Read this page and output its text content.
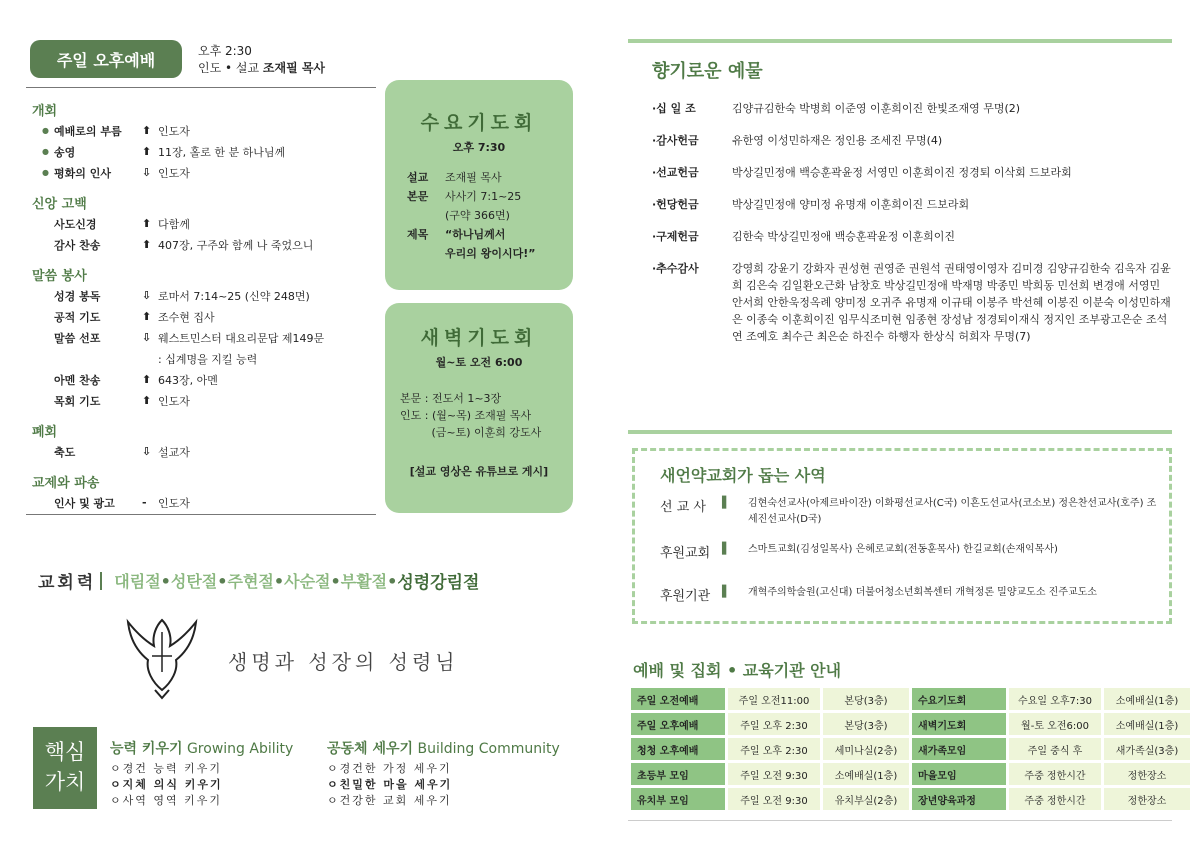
주일 오후예배	오후 2:30
인도 • 설교 조재필 목사
개회
● 예배로의 부름	⬆ 인도자
● 송영	⬆ 11장, 홀로 한 분 하나님께
● 평화의 인사	⇩ 인도자
신앙 고백
사도신경	⬆ 다함께
감사 찬송	⬆ 407장, 구주와 함께 나 죽었으니
말씀 봉사
성경 봉독	⇩ 로마서 7:14~25 (신약 248면)
공적 기도	⬆ 조수현 집사
말씀 선포	⇩ 웨스트민스터 대요리문답 제149문
: 십계명을 지킬 능력
아멘 찬송	⬆ 643장, 아멘
목회 기도	⬆ 인도자
폐회
축도	⇩ 설교자
교제와 파송
인사 및 광고	-	인도자
수요기도회
오후 7:30
설교	조재필 목사
본문	사사기 7:1~25
(구약 366면)
제목	“하나님께서
우리의 왕이시다!”
새벽기도회
월~토 오전 6:00
본문 : 전도서 1~3장
인도 : (월~목) 조재필 목사
(금~토) 이훈희 강도사
[설교 영상은 유튜브로 게시]
교회력 대림절•성탄절•주현절•사순절•부활절• 성령강림절
생명과 성장의 성령님
핵심
가치
능력 키우기 Growing Ability
ㅇ경건 능력 키우기
ㅇ지체 의식 키우기
ㅇ사역 영역 키우기
공동체 세우기 Building Community
ㅇ경건한 가정 세우기
ㅇ친밀한 마을 세우기
ㅇ건강한 교회 세우기
향기로운 예물
·십 일 조	김양규김한숙 박병희 이준영 이훈희이진 한빛조재영 무명(2)
·감사헌금	유한영 이성민하재은 정인용 조세진 무명(4)
·선교헌금	박상길민정애 백승훈곽윤정 서영민 이훈희이진 정경퇴 이삭회 드보라회
·헌당헌금	박상길민정애 양미정 유명재 이훈희이진 드보라회
·구제헌금	김한숙 박상길민정애 백승훈곽윤정 이훈희이진
·추수감사	강영희 강윤기 강화자 권성현 권영준 권원석 권태영이영자 김미경 김양규김한숙 김옥자 김윤희 김은숙 김일환오근화 남창호 박상길민정애 박재명 박종민 박희동 민선희 변경애 서영민 안서희 안한욱정옥례 양미정 오귀주 유명재 이규태 이봉주 박선혜 이봉진 이분숙 이성민하재은 이종숙 이훈희이진 임무식조미현 임종현 장성남 정경퇴이재식 정지인 조부광고은순 조석연 조예호 최수근 최은순 하진수 하행자 한상식 허희자 무명(7)
새언약교회가 돕는 사역
선 교 사	▌	김현숙선교사(아제르바이잔) 이화평선교사(C국) 이흔도선교사(코소보) 정은찬선교사(호주) 조세진선교사(D국)
후원교회	▌	스마트교회(김성일목사) 은혜로교회(전동훈목사) 한길교회(손재익목사)
후원기관	▌	개혁주의학술원(고신대) 더불어청소년회복센터 개혁정론 밀양교도소 진주교도소
예배 및 집회 • 교육기관 안내
주일 오전예배	주일 오전11:00	본당(3층)	수요기도회	수요일 오후7:30	소예배실(1층)
주일 오후예배	주일 오후 2:30	본당(3층)	새벽기도회	월-토 오전6:00	소예배실(1층)
청청 오후예배	주일 오후 2:30	세미나실(2층)	새가족모임	주일 중식 후	새가족실(3층)
초등부 모임	주일 오전 9:30	소예배실(1층)	마을모임	주중 정한시간	정한장소
유치부 모임	주일 오전 9:30	유치부실(2층)	장년양육과정	주중 정한시간	정한장소
